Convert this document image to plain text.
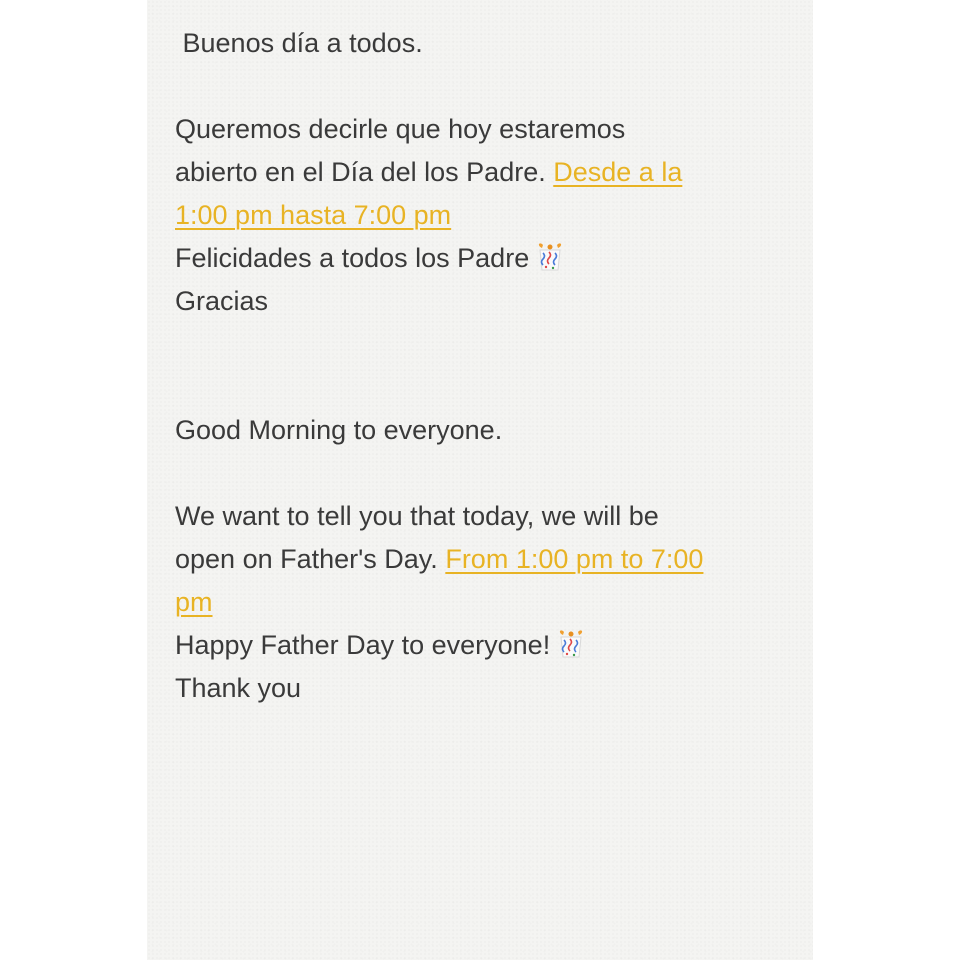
Buenos día a todos.
Queremos decirle que hoy estaremos
abierto en el Día del los Padre. Desde a la
1:00 pm hasta 7:00 pm
Felicidades a todos los Padre
Gracias
Good Morning to everyone.
We want to tell you that today, we will be
open on Father's Day. From 1:00 pm to 7:00
pm
Happy Father Day to everyone!
Thank you
